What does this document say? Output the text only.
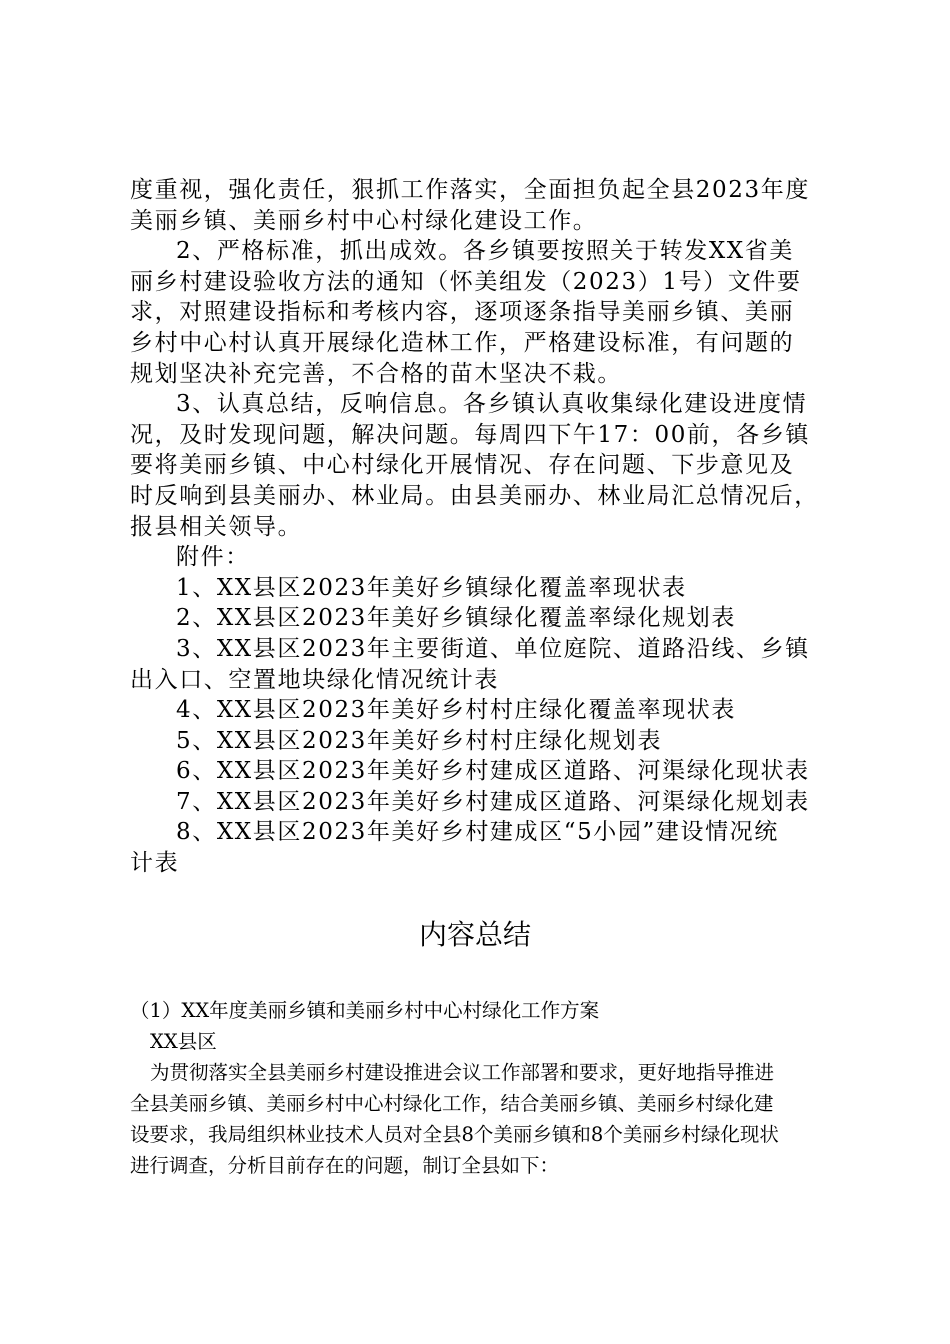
度重视，强化责任，狠抓工作落实，全面担负起全县2023年度
美丽乡镇、美丽乡村中心村绿化建设工作。
2、严格标准，抓出成效。各乡镇要按照关于转发XX省美
丽乡村建设验收方法的通知（怀美组发（2023）1号）文件要
求，对照建设指标和考核内容，逐项逐条指导美丽乡镇、美丽
乡村中心村认真开展绿化造林工作，严格建设标准，有问题的
规划坚决补充完善，不合格的苗木坚决不栽。
3、认真总结，反响信息。各乡镇认真收集绿化建设进度情
况，及时发现问题，解决问题。每周四下午17：00前，各乡镇
要将美丽乡镇、中心村绿化开展情况、存在问题、下步意见及
时反响到县美丽办、林业局。由县美丽办、林业局汇总情况后，
报县相关领导。
附件：
1、XX县区2023年美好乡镇绿化覆盖率现状表
2、XX县区2023年美好乡镇绿化覆盖率绿化规划表
3、XX县区2023年主要街道、单位庭院、道路沿线、乡镇
出入口、空置地块绿化情况统计表
4、XX县区2023年美好乡村村庄绿化覆盖率现状表
5、XX县区2023年美好乡村村庄绿化规划表
6、XX县区2023年美好乡村建成区道路、河渠绿化现状表
7、XX县区2023年美好乡村建成区道路、河渠绿化规划表
8、XX县区2023年美好乡村建成区“5小园”建设情况统
计表
内容总结
（1）XX年度美丽乡镇和美丽乡村中心村绿化工作方案
XX县区
为贯彻落实全县美丽乡村建设推进会议工作部署和要求，更好地指导推进
全县美丽乡镇、美丽乡村中心村绿化工作，结合美丽乡镇、美丽乡村绿化建
设要求，我局组织林业技术人员对全县8个美丽乡镇和8个美丽乡村绿化现状
进行调查，分析目前存在的问题，制订全县如下：
